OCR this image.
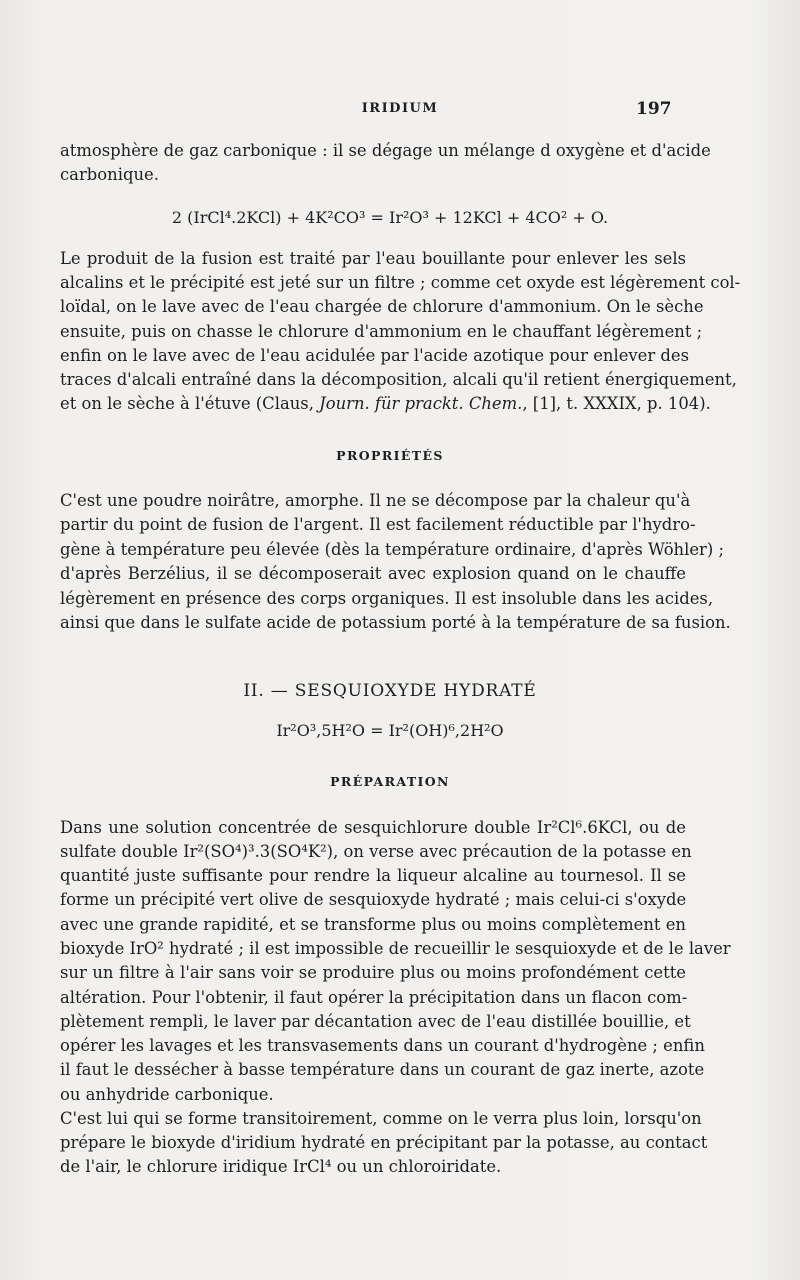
IRIDIUM	197
atmosphère de gaz carbonique : il se dégage un mélange d oxygène et d'acide
carbonique.
2 (IrCl⁴.2KCl) + 4K²CO³ = Ir²O³ + 12KCl + 4CO² + O.
Le produit de la fusion est traité par l'eau bouillante pour enlever les sels
alcalins et le précipité est jeté sur un filtre ; comme cet oxyde est légèrement col-
loïdal, on le lave avec de l'eau chargée de chlorure d'ammonium. On le sèche
ensuite, puis on chasse le chlorure d'ammonium en le chauffant légèrement ;
enfin on le lave avec de l'eau acidulée par l'acide azotique pour enlever des
traces d'alcali entraîné dans la décomposition, alcali qu'il retient énergiquement,
et on le sèche à l'étuve (Claus, Journ. für prackt. Chem., [1], t. XXXIX, p. 104).
PROPRIÉTÉS
C'est une poudre noirâtre, amorphe. Il ne se décompose par la chaleur qu'à
partir du point de fusion de l'argent. Il est facilement réductible par l'hydro-
gène à température peu élevée (dès la température ordinaire, d'après Wöhler) ;
d'après Berzélius, il se décomposerait avec explosion quand on le chauffe
légèrement en présence des corps organiques. Il est insoluble dans les acides,
ainsi que dans le sulfate acide de potassium porté à la température de sa fusion.
II. — SESQUIOXYDE HYDRATÉ
Ir²O³,5H²O = Ir²(OH)⁶,2H²O
PRÉPARATION
Dans une solution concentrée de sesquichlorure double Ir²Cl⁶.6KCl, ou de
sulfate double Ir²(SO⁴)³.3(SO⁴K²), on verse avec précaution de la potasse en
quantité juste suffisante pour rendre la liqueur alcaline au tournesol. Il se
forme un précipité vert olive de sesquioxyde hydraté ; mais celui-ci s'oxyde
avec une grande rapidité, et se transforme plus ou moins complètement en
bioxyde IrO² hydraté ; il est impossible de recueillir le sesquioxyde et de le laver
sur un filtre à l'air sans voir se produire plus ou moins profondément cette
altération. Pour l'obtenir, il faut opérer la précipitation dans un flacon com-
plètement rempli, le laver par décantation avec de l'eau distillée bouillie, et
opérer les lavages et les transvasements dans un courant d'hydrogène ; enfin
il faut le dessécher à basse température dans un courant de gaz inerte, azote
ou anhydride carbonique.
C'est lui qui se forme transitoirement, comme on le verra plus loin, lorsqu'on
prépare le bioxyde d'iridium hydraté en précipitant par la potasse, au contact
de l'air, le chlorure iridique IrCl⁴ ou un chloroiridate.
